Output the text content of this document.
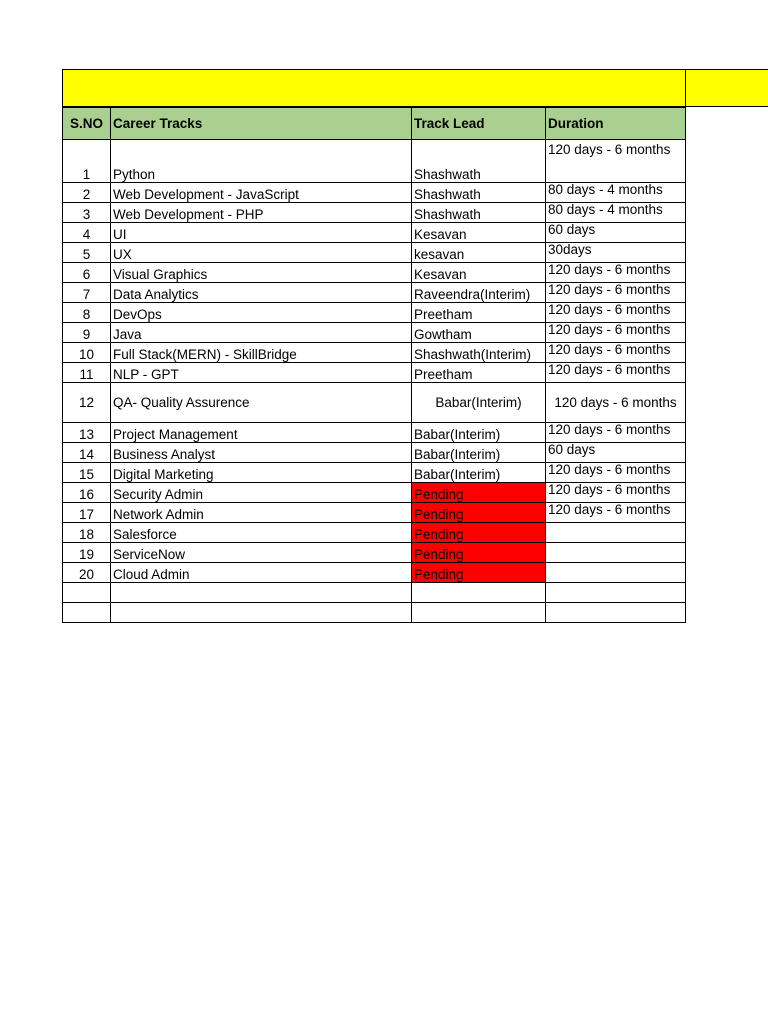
S.NO	Career Tracks	Track Lead	Duration
1	Python	Shashwath	120 days - 6 months
2	Web Development - JavaScript	Shashwath	80 days - 4 months
3	Web Development - PHP	Shashwath	80 days - 4 months
4	UI	Kesavan	60 days
5	UX	kesavan	30days
6	Visual Graphics	Kesavan	120 days - 6 months
7	Data Analytics	Raveendra(Interim)	120 days - 6 months
8	DevOps	Preetham	120 days - 6 months
9	Java	Gowtham	120 days - 6 months
10	Full Stack(MERN) - SkillBridge	Shashwath(Interim)	120 days - 6 months
11	NLP - GPT	Preetham	120 days - 6 months
12	QA- Quality Assurence	Babar(Interim)	120 days - 6 months
13	Project Management	Babar(Interim)	120 days - 6 months
14	Business Analyst	Babar(Interim)	60 days
15	Digital Marketing	Babar(Interim)	120 days - 6 months
16	Security Admin	Pending	120 days - 6 months
17	Network Admin	Pending	120 days - 6 months
18	Salesforce	Pending	
19	ServiceNow	Pending	
20	Cloud Admin	Pending	
